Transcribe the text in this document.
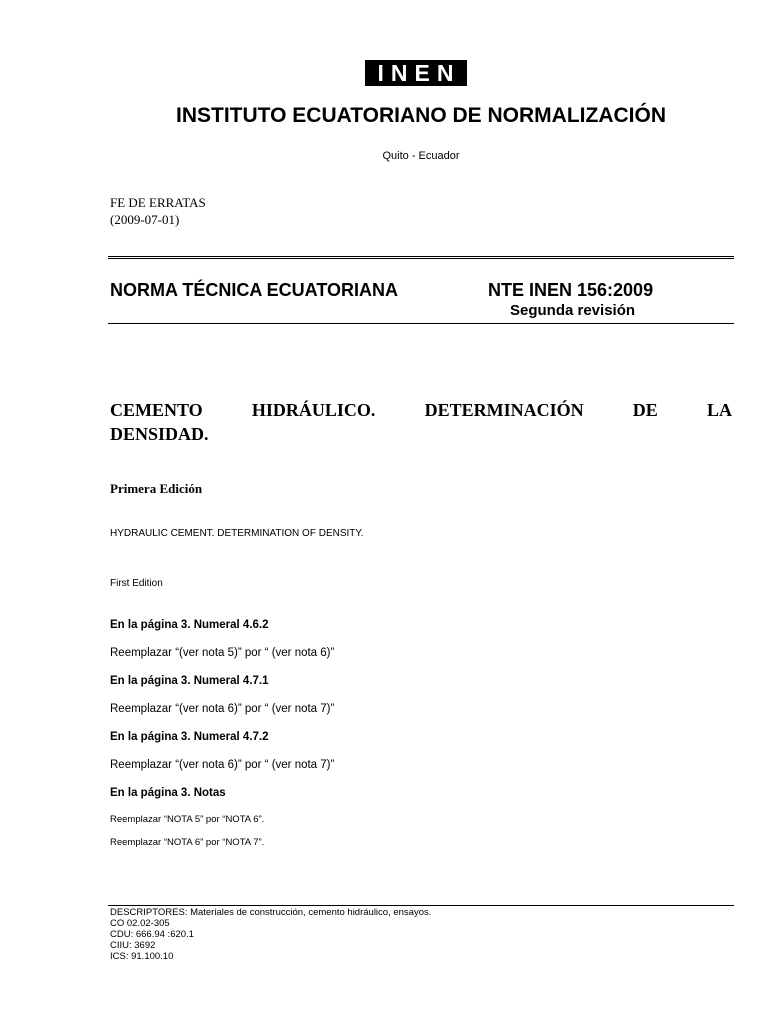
INEN
INSTITUTO ECUATORIANO DE NORMALIZACIÓN
Quito - Ecuador
FE DE ERRATAS
(2009-07-01)
NORMA TÉCNICA ECUATORIANA	NTE INEN 156:2009
Segunda revisión
CEMENTO	HIDRÁULICO.	DETERMINACIÓN	DE	LA
DENSIDAD.
Primera Edición
HYDRAULIC CEMENT. DETERMINATION OF DENSITY.
First Edition
En la página 3. Numeral 4.6.2
Reemplazar “(ver nota 5)” por “ (ver nota 6)”
En la página 3. Numeral 4.7.1
Reemplazar “(ver nota 6)” por “ (ver nota 7)”
En la página 3. Numeral 4.7.2
Reemplazar “(ver nota 6)” por “ (ver nota 7)”
En la página 3. Notas
Reemplazar “NOTA 5” por “NOTA 6”.
Reemplazar “NOTA 6” por “NOTA 7”.
DESCRIPTORES: Materiales de construcción, cemento hidráulico, ensayos.
CO 02.02-305
CDU: 666.94 :620.1
CIIU: 3692
ICS: 91.100.10
